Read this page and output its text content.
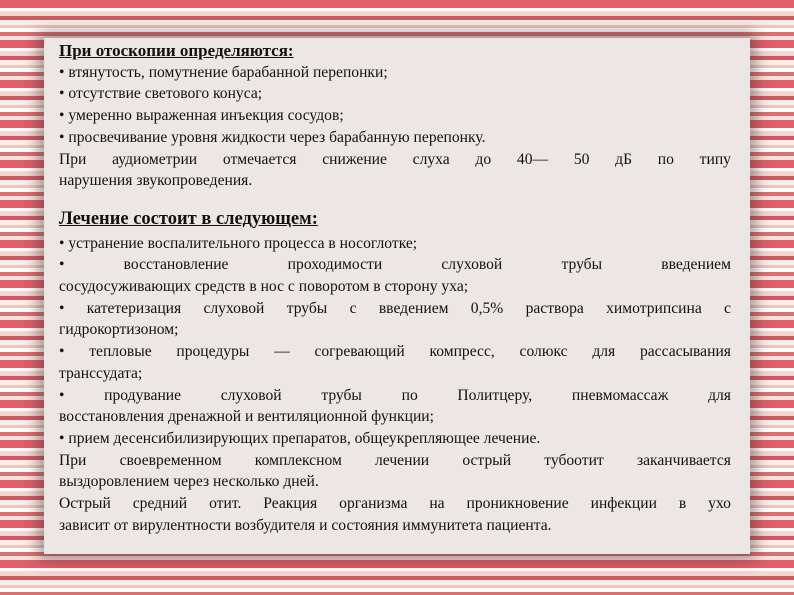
При отоскопии определяются:
• втянутость, помутнение барабанной перепонки;
• отсутствие светового конуса;
• умеренно выраженная инъекция сосудов;
• просвечивание уровня жидкости через барабанную перепонку.
При аудиометрии отмечается снижение слуха до 40— 50 дБ по типу
нарушения звукопроведения.
Лечение состоит в следующем:
• устранение воспалительного процесса в носоглотке;
•	восстановление	проходимости	слуховой	трубы	введением
сосудосуживающих средств в нос с поворотом в сторону уха;
• катетеризация слуховой трубы с введением 0,5% раствора химотрипсина с
гидрокортизоном;
• тепловые процедуры — согревающий компресс, солюкс для рассасывания
транссудата;
•	продувание	слуховой	трубы	по	Политцеру,	пневмомассаж	для
восстановления дренажной и вентиляционной функции;
• прием десенсибилизирующих препаратов, общеукрепляющее лечение.
При своевременном комплексном лечении острый тубоотит заканчивается
выздоровлением через несколько дней.
Острый средний отит. Реакция организма на проникновение инфекции в ухо
зависит от вирулентности возбудителя и состояния иммунитета пациента.
